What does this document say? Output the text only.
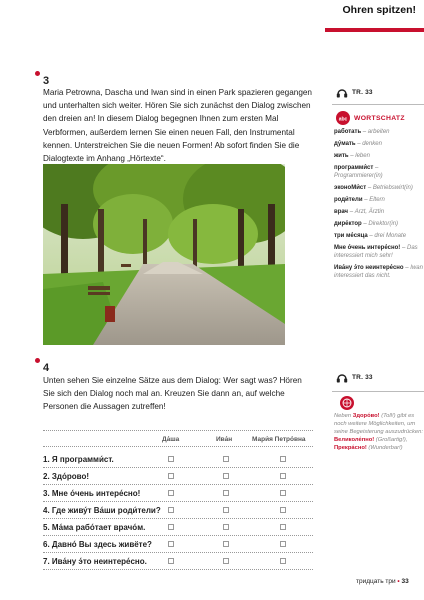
Ohren spitzen!
3
Maria Petrowna, Dascha und Iwan sind in einen Park spazieren gegangen und unterhalten sich weiter. Hören Sie sich zunächst den Dialog zwischen den dreien an! In diesem Dialog begegnen Ihnen zum ersten Mal Verbformen, außerdem lernen Sie einen neuen Fall, den Instrumental kennen. Unterstreichen Sie die neuen Formen! Ab sofort finden Sie die Dialogtexte im Anhang „Hörtexte“.
TR. 33
abc WORTSCHATZ
работать – arbeiten
ду́мать – denken
жить – leben
программи́ст – Programmierer(in)
эконоМи́ст – Betriebswirt(in)
роди́тели – Eltern
врач – Arzt, Ärztin
дире́ктор – Direktor(in)
три ме́сяца – drei Monate
Мне о́чень интере́сно! – Das interessiert mich sehr!
Ива́ну э́то неинтере́сно – Iwan interessiert das nicht.
4
Unten sehen Sie einzelne Sätze aus dem Dialog: Wer sagt was? Hören Sie sich den Dialog noch mal an. Kreuzen Sie dann an, auf welche Personen die Aussagen zutreffen!
TR. 33
Neben Здоро́во! (Toll!) gibt es noch weitere Möglichkeiten, um seine Begeisterung auszudrücken: Великоле́пно! (Großartig!), Прекра́сно! (Wunderbar!)
Да́ша	Ива́н	Мари́я Петро́вна
1. Я программи́ст.
2. Здо́рово!
3. Мне о́чень интере́сно!
4. Где живу́т Ва́ши роди́тели?
5. Ма́ма рабо́тает врачо́м.
6. Давно́ Вы здесь живёте?
7. Ива́ну э́то неинтере́сно.
тридцать три • 33
